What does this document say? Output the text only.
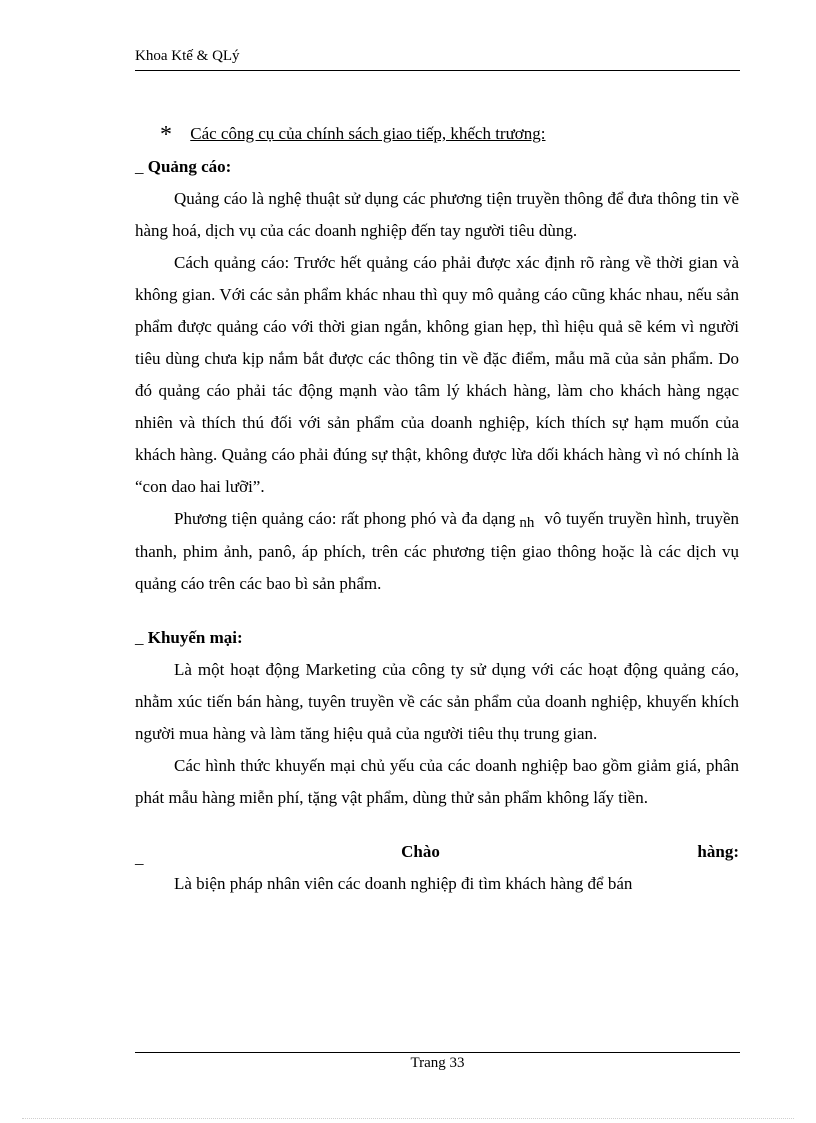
Khoa Ktế & QLý
* Các công cụ của chính sách giao tiếp, khếch trương:
_ Quảng cáo:

Quảng cáo là nghệ thuật sử dụng các phương tiện truyền thông để đưa thông tin về hàng hoá, dịch vụ của các doanh nghiệp đến tay người tiêu dùng.

Cách quảng cáo: Trước hết quảng cáo phải được xác định rõ ràng về thời gian và không gian. Với các sản phẩm khác nhau thì quy mô quảng cáo cũng khác nhau, nếu sản phẩm được quảng cáo với thời gian ngắn, không gian hẹp, thì hiệu quả sẽ kém vì người tiêu dùng chưa kịp nắm bắt được các thông tin về đặc điểm, mẫu mã của sản phẩm. Do đó quảng cáo phải tác động mạnh vào tâm lý khách hàng, làm cho khách hàng ngạc nhiên và thích thú đối với sản phẩm của doanh nghiệp, kích thích sự hạm muốn của khách hàng. Quảng cáo phải đúng sự thật, không được lừa dối khách hàng vì nó chính là “con dao hai lưỡi”.

Phương tiện quảng cáo: rất phong phó và đa dạng nh vô tuyến truyền hình, truyền thanh, phim ảnh, panô, áp phích, trên các phương tiện giao thông hoặc là các dịch vụ quảng cáo trên các bao bì sản phẩm.

_ Khuyến mại:

Là một hoạt động Marketing của công ty sử dụng với các hoạt động quảng cáo, nhằm xúc tiến bán hàng, tuyên truyền về các sản phẩm của doanh nghiệp, khuyến khích người mua hàng và làm tăng hiệu quả của người tiêu thụ trung gian.

Các hình thức khuyến mại chủ yếu của các doanh nghiệp bao gồm giảm giá, phân phát mẫu hàng miễn phí, tặng vật phẩm, dùng thử sản phẩm không lấy tiền.

_	Chào	hàng:

Là biện pháp nhân viên các doanh nghiệp đi tìm khách hàng để bán

Trang 33
